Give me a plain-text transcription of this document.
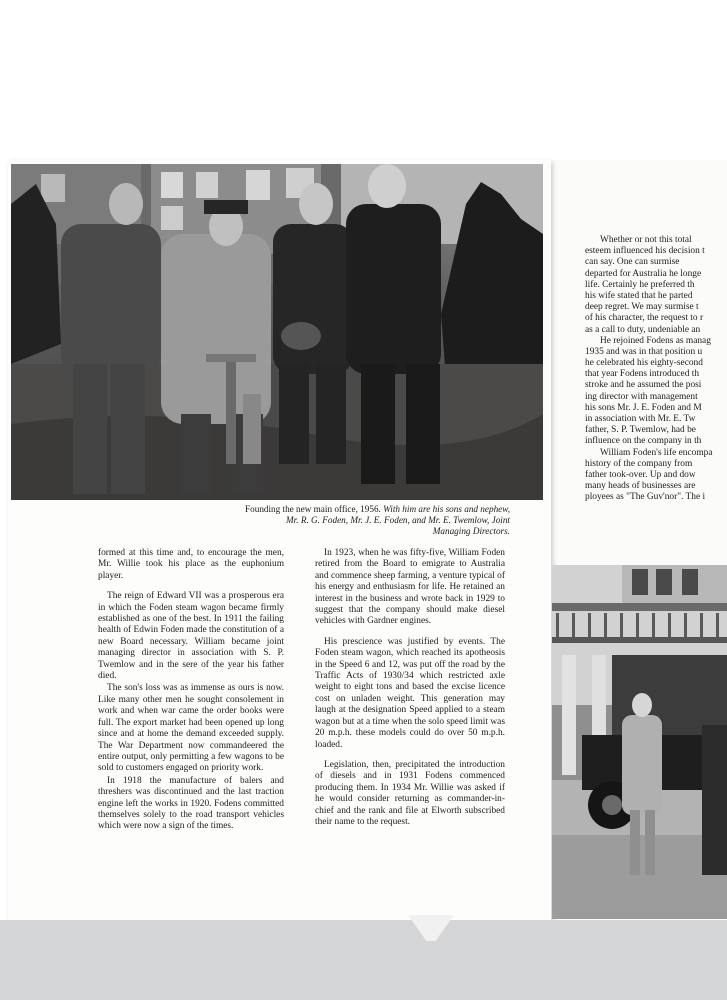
Founding the new main office, 1956. With him are his sons and nephew,
Mr. R. G. Foden, Mr. J. E. Foden, and Mr. E. Twemlow, Joint
Managing Directors.

formed at this time and, to encourage the men, Mr. Willie took his place as the euphonium player.

The reign of Edward VII was a prosperous era in which the Foden steam wagon became firmly established as one of the best. In 1911 the failing health of Edwin Foden made the constitution of a new Board necessary. William became joint managing director in association with S. P. Twemlow and in the sere of the year his father died.

The son's loss was as immense as ours is now. Like many other men he sought consolement in work and when war came the order books were full. The export market had been opened up long since and at home the demand exceeded supply. The War Department now commandeered the entire output, only permitting a few wagons to be sold to customers engaged on priority work.

In 1918 the manufacture of balers and threshers was discontinued and the last traction engine left the works in 1920. Fodens committed themselves solely to the road transport vehicles which were now a sign of the times.

In 1923, when he was fifty-five, William Foden retired from the Board to emigrate to Australia and commence sheep farming, a venture typical of his energy and enthusiasm for life. He retained an interest in the business and wrote back in 1929 to suggest that the company should make diesel vehicles with Gardner engines.

His prescience was justified by events. The Foden steam wagon, which reached its apotheosis in the Speed 6 and 12, was put off the road by the Traffic Acts of 1930/34 which restricted axle weight to eight tons and based the excise licence cost on unladen weight. This generation may laugh at the designation Speed applied to a steam wagon but at a time when the solo speed limit was 20 m.p.h. these models could do over 50 m.p.h. loaded.

Legislation, then, precipitated the introduction of diesels and in 1931 Fodens commenced producing them. In 1934 Mr. Willie was asked if he would consider returning as commander-in-chief and the rank and file at Elworth subscribed their name to the request.

Whether or not this total
esteem influenced his decision t
can say. One can surmise
departed for Australia he longe
life. Certainly he preferred th
his wife stated that he parted
deep regret. We may surmise t
of his character, the request to r
as a call to duty, undeniable an
He rejoined Fodens as manag
1935 and was in that position u
he celebrated his eighty-second
that year Fodens introduced th
stroke and he assumed the posi
ing director with management
his sons Mr. J. E. Foden and M
in association with Mr. E. Tw
father, S. P. Twemlow, had be
influence on the company in th
William Foden's life encompa
history of the company from
father took-over. Up and dow
many heads of businesses are
ployees as "The Guv'nor". The i
